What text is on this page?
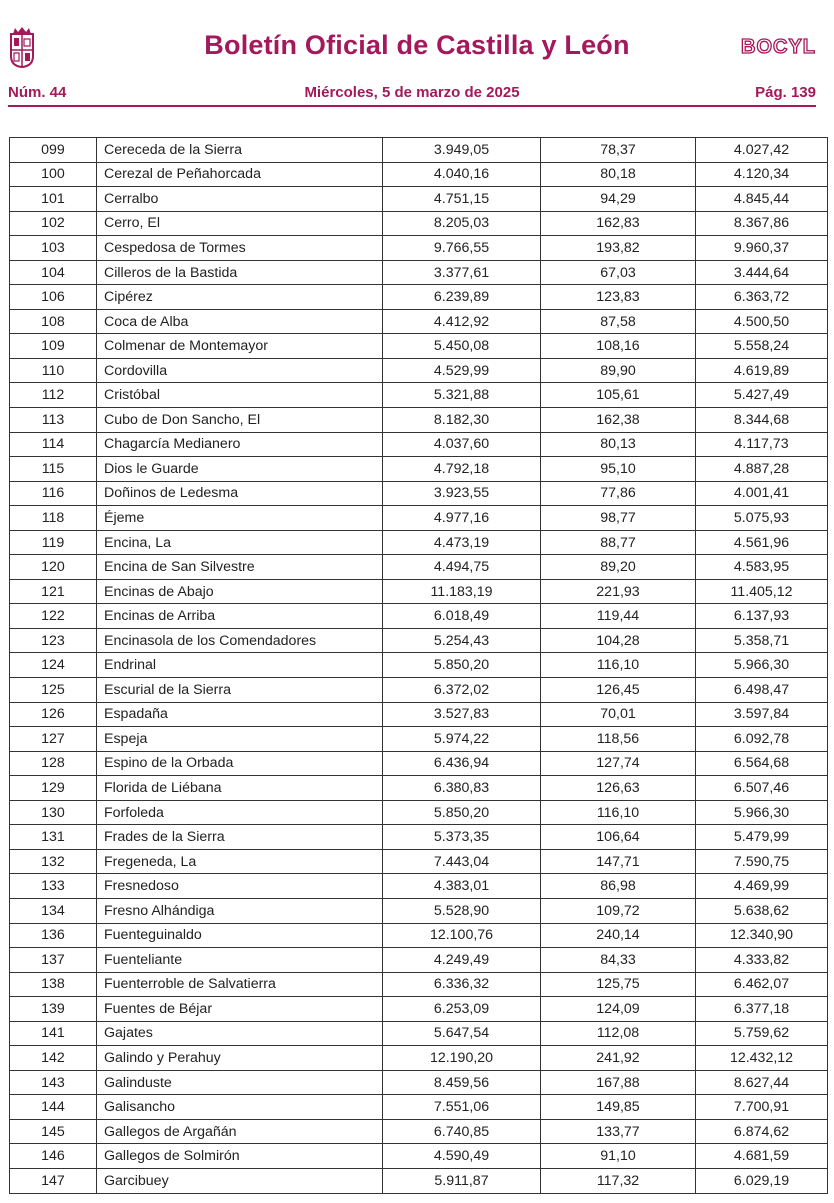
Boletín Oficial de Castilla y León	BOCYL
Núm. 44	Miércoles, 5 de marzo de 2025	Pág. 139
099	Cereceda de la Sierra	3.949,05	78,37	4.027,42
100	Cerezal de Peñahorcada	4.040,16	80,18	4.120,34
101	Cerralbo	4.751,15	94,29	4.845,44
102	Cerro, El	8.205,03	162,83	8.367,86
103	Cespedosa de Tormes	9.766,55	193,82	9.960,37
104	Cilleros de la Bastida	3.377,61	67,03	3.444,64
106	Cipérez	6.239,89	123,83	6.363,72
108	Coca de Alba	4.412,92	87,58	4.500,50
109	Colmenar de Montemayor	5.450,08	108,16	5.558,24
110	Cordovilla	4.529,99	89,90	4.619,89
112	Cristóbal	5.321,88	105,61	5.427,49
113	Cubo de Don Sancho, El	8.182,30	162,38	8.344,68
114	Chagarcía Medianero	4.037,60	80,13	4.117,73
115	Dios le Guarde	4.792,18	95,10	4.887,28
116	Doñinos de Ledesma	3.923,55	77,86	4.001,41
118	Éjeme	4.977,16	98,77	5.075,93
119	Encina, La	4.473,19	88,77	4.561,96
120	Encina de San Silvestre	4.494,75	89,20	4.583,95
121	Encinas de Abajo	11.183,19	221,93	11.405,12
122	Encinas de Arriba	6.018,49	119,44	6.137,93
123	Encinasola de los Comendadores	5.254,43	104,28	5.358,71
124	Endrinal	5.850,20	116,10	5.966,30
125	Escurial de la Sierra	6.372,02	126,45	6.498,47
126	Espadaña	3.527,83	70,01	3.597,84
127	Espeja	5.974,22	118,56	6.092,78
128	Espino de la Orbada	6.436,94	127,74	6.564,68
129	Florida de Liébana	6.380,83	126,63	6.507,46
130	Forfoleda	5.850,20	116,10	5.966,30
131	Frades de la Sierra	5.373,35	106,64	5.479,99
132	Fregeneda, La	7.443,04	147,71	7.590,75
133	Fresnedoso	4.383,01	86,98	4.469,99
134	Fresno Alhándiga	5.528,90	109,72	5.638,62
136	Fuenteguinaldo	12.100,76	240,14	12.340,90
137	Fuenteliante	4.249,49	84,33	4.333,82
138	Fuenterroble de Salvatierra	6.336,32	125,75	6.462,07
139	Fuentes de Béjar	6.253,09	124,09	6.377,18
141	Gajates	5.647,54	112,08	5.759,62
142	Galindo y Perahuy	12.190,20	241,92	12.432,12
143	Galinduste	8.459,56	167,88	8.627,44
144	Galisancho	7.551,06	149,85	7.700,91
145	Gallegos de Argañán	6.740,85	133,77	6.874,62
146	Gallegos de Solmirón	4.590,49	91,10	4.681,59
147	Garcibuey	5.911,87	117,32	6.029,19
